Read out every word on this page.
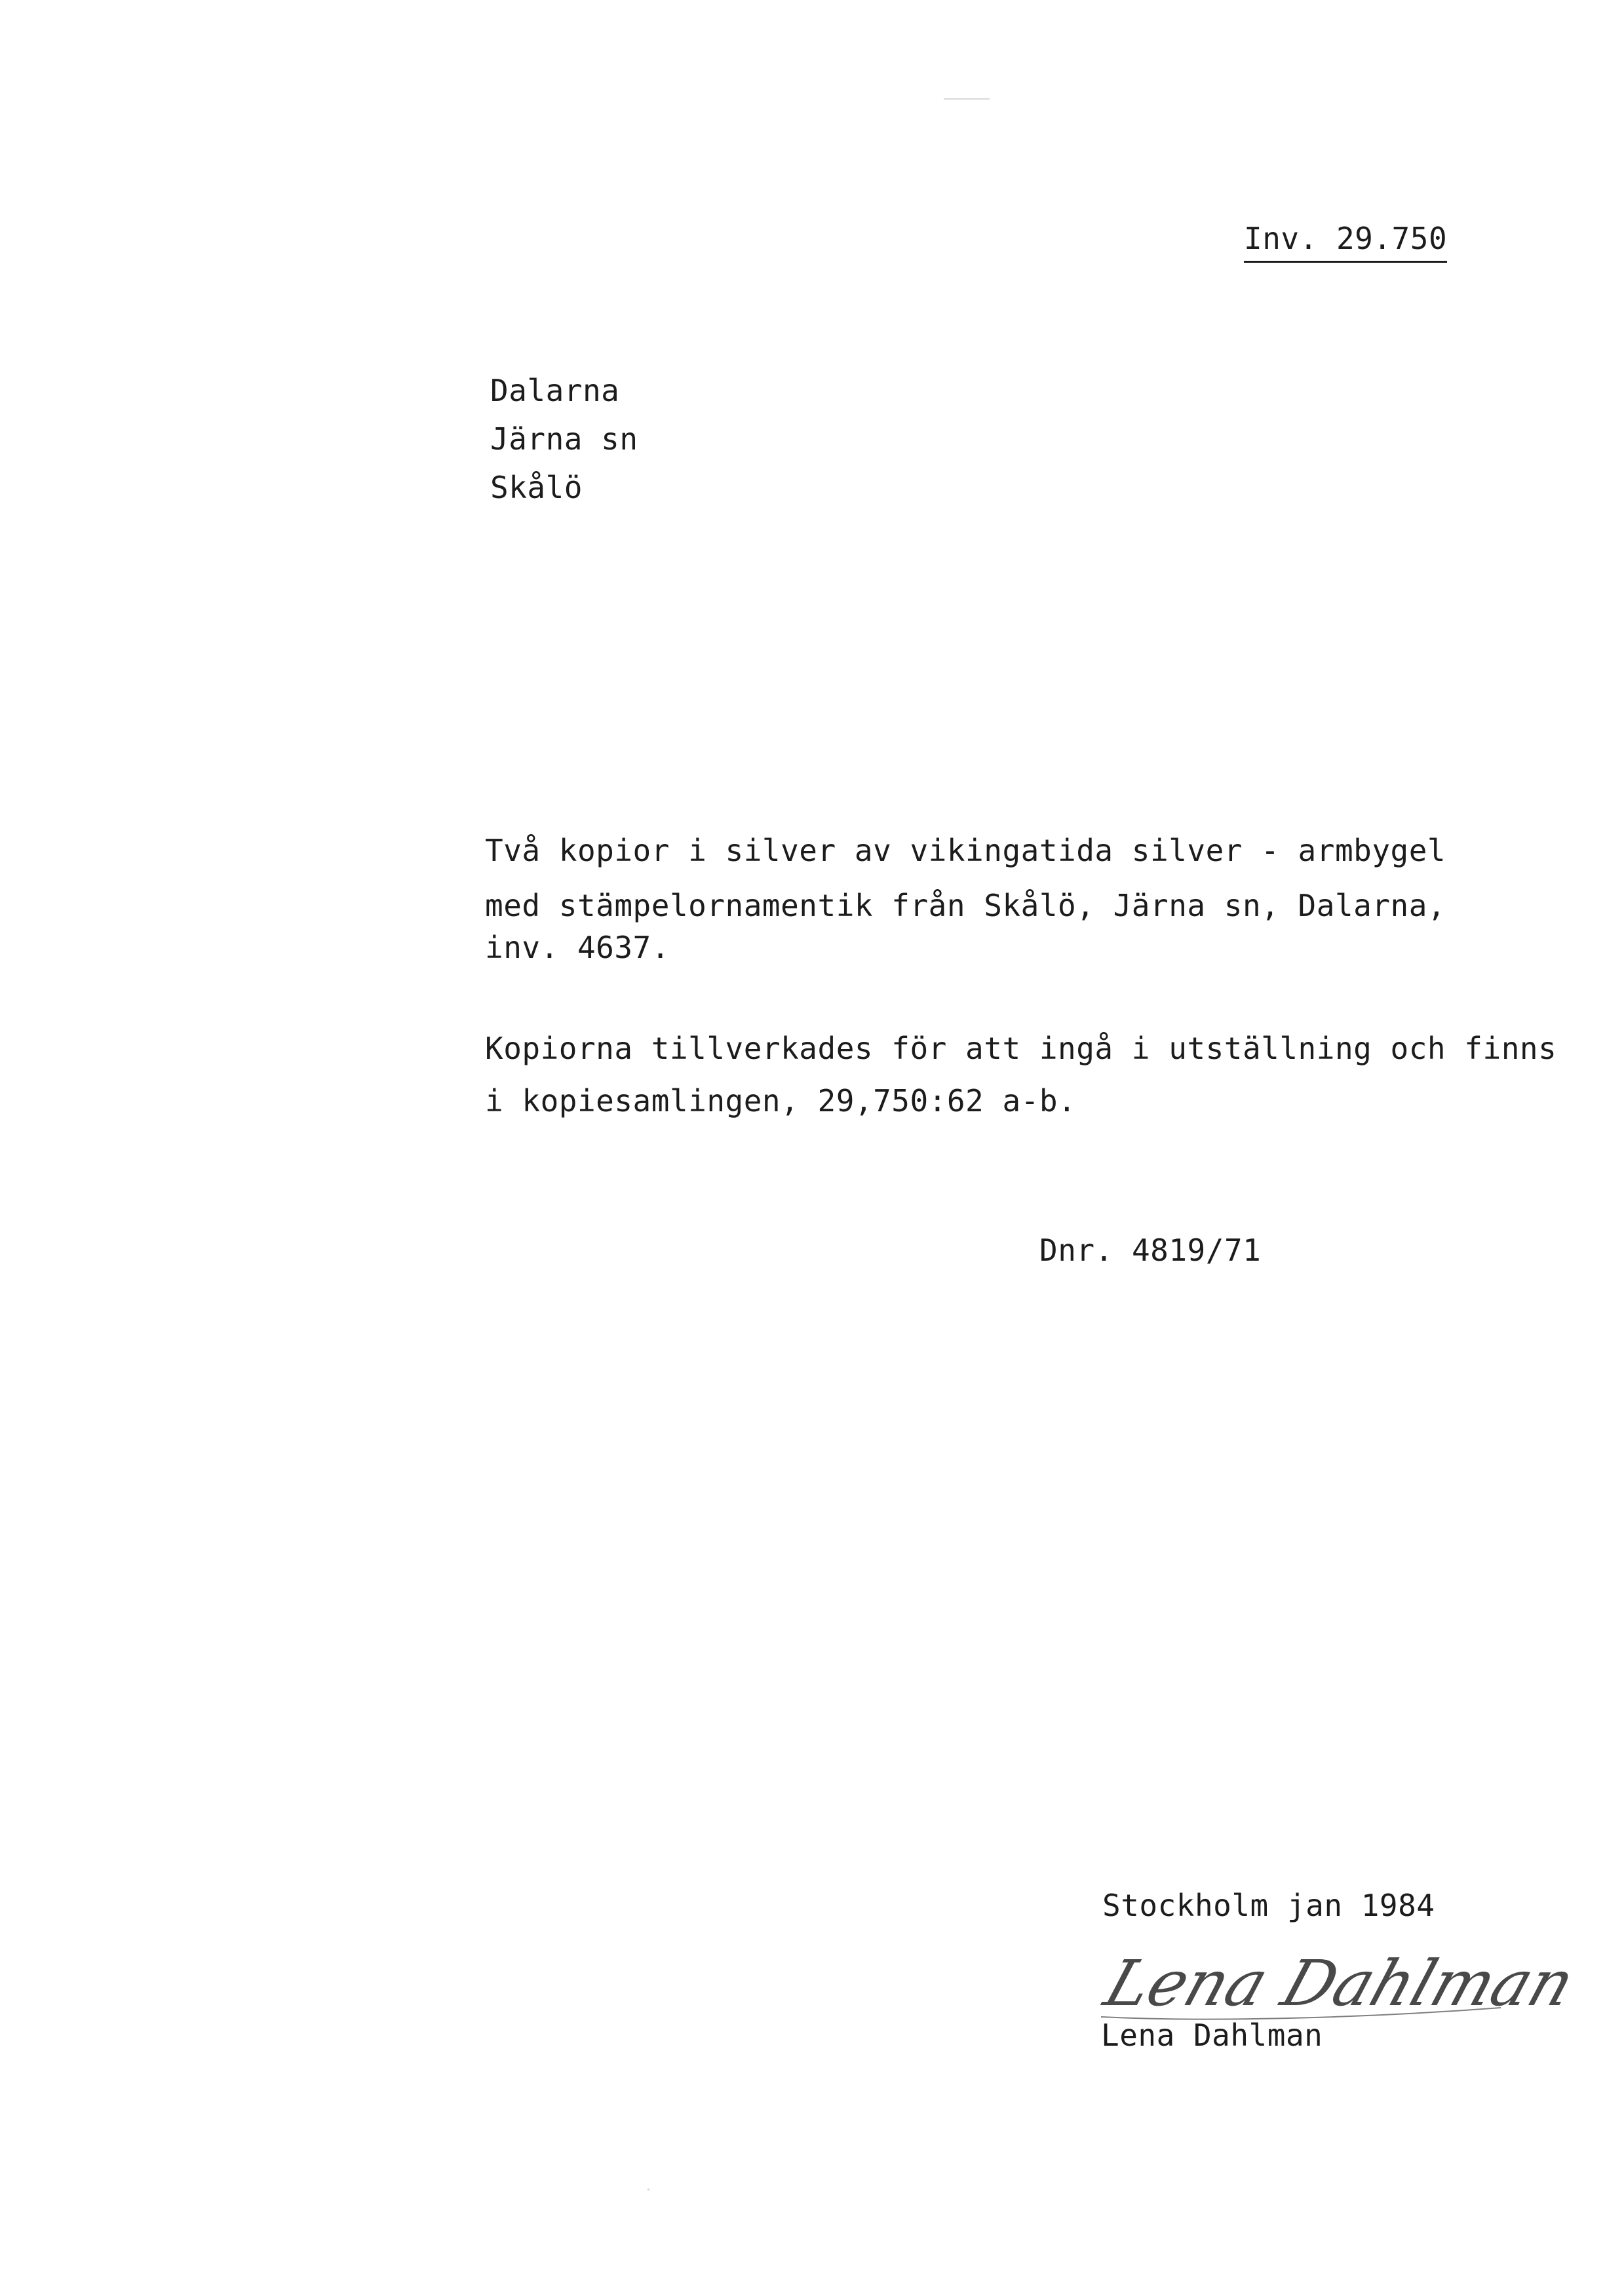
Inv. 29.750
Dalarna
Järna sn
Skålö
Två kopior i silver av vikingatida silver - armbygel
med stämpelornamentik från Skålö, Järna sn, Dalarna,
inv. 4637.
Kopiorna tillverkades för att ingå i utställning och finns
i kopiesamlingen, 29,750:62 a-b.
Dnr. 4819/71
Stockholm jan 1984
Lena Dahlman
Lena Dahlman
